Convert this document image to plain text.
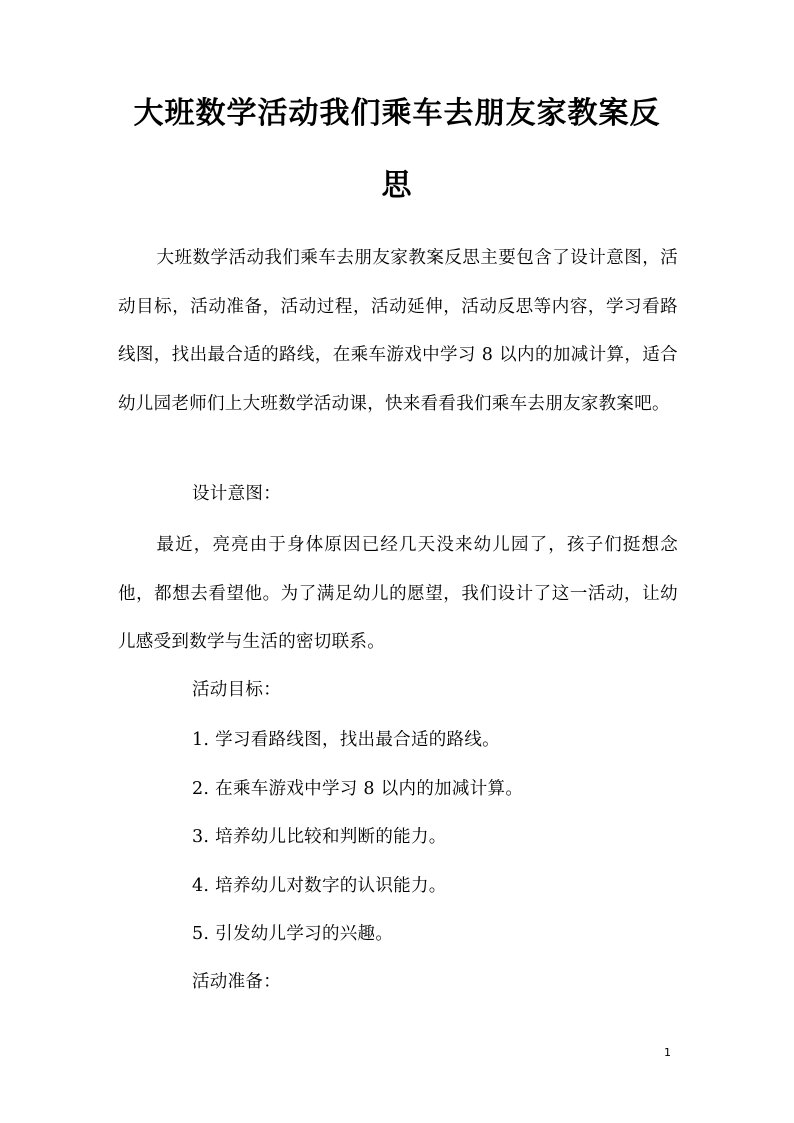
大班数学活动我们乘车去朋友家教案反
思

大班数学活动我们乘车去朋友家教案反思主要包含了设计意图，活动目标，活动准备，活动过程，活动延伸，活动反思等内容，学习看路线图，找出最合适的路线，在乘车游戏中学习 8 以内的加减计算，适合幼儿园老师们上大班数学活动课，快来看看我们乘车去朋友家教案吧。

设计意图：

最近，亮亮由于身体原因已经几天没来幼儿园了，孩子们挺想念他，都想去看望他。为了满足幼儿的愿望，我们设计了这一活动，让幼儿感受到数学与生活的密切联系。

活动目标：

1. 学习看路线图，找出最合适的路线。

2. 在乘车游戏中学习 8 以内的加减计算。

3. 培养幼儿比较和判断的能力。

4. 培养幼儿对数字的认识能力。

5. 引发幼儿学习的兴趣。

活动准备：

1
